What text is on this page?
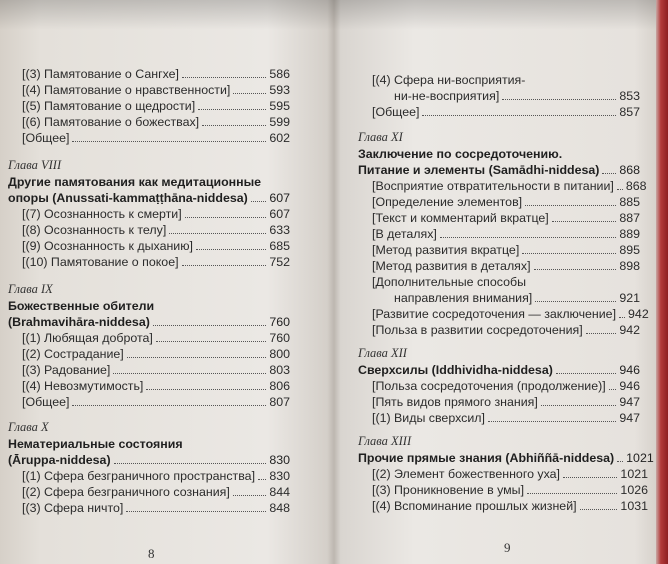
[(3) Памятование о Сангхе]	586
[(4) Памятование о нравственности]	593
[(5) Памятование о щедрости]	595
[(6) Памятование о божествах]	599
[Общее]	602
Глава VIII
Другие памятования как медитационные
опоры (Anussati-kammaṭṭhāna-niddesa) 607
[(7) Осознанность к смерти]	607
[(8) Осознанность к телу]	633
[(9) Осознанность к дыханию]	685
[(10) Памятование о покое]	752
Глава IX
Божественные обители
(Brahmavihāra-niddesa)	760
[(1) Любящая доброта]	760
[(2) Сострадание]	800
[(3) Радование]	803
[(4) Невозмутимость]	806
[Общее]	807
Глава X
Нематериальные состояния
(Āruppa-niddesa)	830
[(1) Сфера безграничного пространства] 830
[(2) Сфера безграничного сознания]	844
[(3) Сфера ничто]	848
8
[(4) Сфера ни-восприятия-
ни-не-восприятия]	853
[Общее]	857
Глава XI
Заключение по сосредоточению.
Питание и элементы (Samādhi-niddesa) 868
[Восприятие отвратительности в питании] 868
[Определение элементов]	885
[Текст и комментарий вкратце]	887
[В деталях]	889
[Метод развития вкратце]	895
[Метод развития в деталях]	898
[Дополнительные способы
направления внимания]	921
[Развитие сосредоточения — заключение] 942
[Польза в развитии сосредоточения]	942
Глава XII
Сверхсилы (Iddhividha-niddesa)	946
[Польза сосредоточения (продолжение)] 946
[Пять видов прямого знания]	947
[(1) Виды сверхсил]	947
Глава XIII
Прочие прямые знания (Abhiññā-niddesa) 1021
[(2) Элемент божественного уха]	1021
[(3) Проникновение в умы]	1026
[(4) Вспоминание прошлых жизней]	1031
9
